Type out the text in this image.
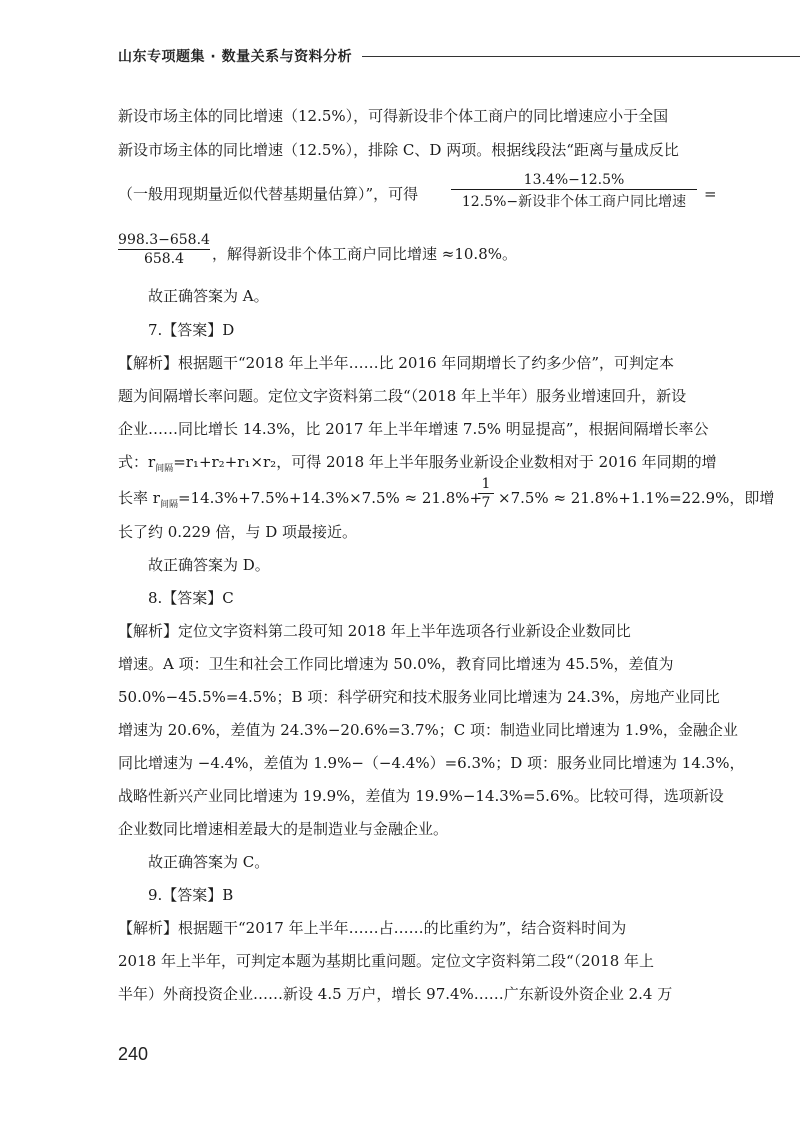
山东专项题集 · 数量关系与资料分析
新设市场主体的同比增速（12.5%），可得新设非个体工商户的同比增速应小于全国
新设市场主体的同比增速（12.5%），排除 C、D 两项。根据线段法“距离与量成反比
（一般用现期量近似代替基期量估算）”，可得
13.4%−12.5%
12.5%−新设非个体工商户同比增速	=
998.3−658.4
658.4	，解得新设非个体工商户同比增速 ≈10.8%。
故正确答案为 A。
7.【答案】D
【解析】根据题干“2018 年上半年……比 2016 年同期增长了约多少倍”，可判定本
题为间隔增长率问题。定位文字资料第二段“（2018 年上半年）服务业增速回升，新设
企业……同比增长 14.3%，比 2017 年上半年增速 7.5% 明显提高”，根据间隔增长率公
式：$r_{间隔}=r_1+r_2+r_1\times r_2$，可得 2018 年上半年服务业新设企业数相对于 2016 年同期的增
长率 $r_{间隔}=14.3\%+7.5\%+14.3\%\times 7.5\% \approx 21.8\%+$
1
7 ×7.5% ≈ 21.8%+1.1%=22.9%，即增
长了约 0.229 倍，与 D 项最接近。
故正确答案为 D。
8.【答案】C
【解析】定位文字资料第二段可知 2018 年上半年选项各行业新设企业数同比
增速。A 项：卫生和社会工作同比增速为 50.0%，教育同比增速为 45.5%，差值为
50.0%−45.5%=4.5%；B 项：科学研究和技术服务业同比增速为 24.3%，房地产业同比
增速为 20.6%，差值为 24.3%−20.6%=3.7%；C 项：制造业同比增速为 1.9%，金融企业
同比增速为 −4.4%，差值为 1.9%−（−4.4%）=6.3%；D 项：服务业同比增速为 14.3%，
战略性新兴产业同比增速为 19.9%，差值为 19.9%−14.3%=5.6%。比较可得，选项新设
企业数同比增速相差最大的是制造业与金融企业。
故正确答案为 C。
9.【答案】B
【解析】根据题干“2017 年上半年……占……的比重约为”，结合资料时间为
2018 年上半年，可判定本题为基期比重问题。定位文字资料第二段“（2018 年上
半年）外商投资企业……新设 4.5 万户，增长 97.4%……广东新设外资企业 2.4 万
240
